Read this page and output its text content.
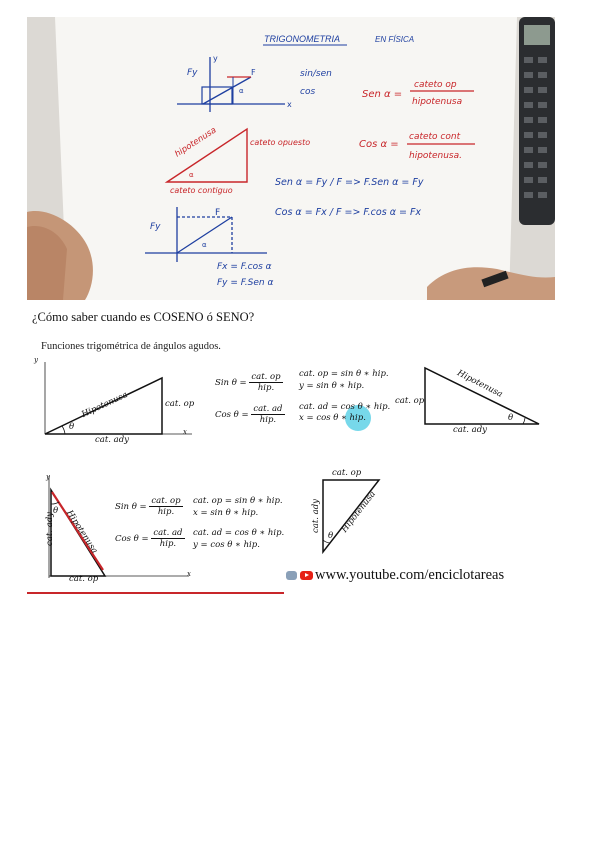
TRIGONOMETRIA	EN FÍSICA
Fy
y
F
x
α
sin/sen
cos	Sen α =
cateto op
hipotenusa
hipotenusa	cateto opuesto
cateto contiguo
α
Cos α =
cateto cont
hipotenusa.
Sen α = Fy / F => F.Sen α = Fy
Cos α = Fx / F => F.cos α = Fx
Fy
F
α
Fx = F.cos α
Fy = F.Sen α
¿Cómo saber cuando es COSENO ó SENO?
Funciones trigométrica de ángulos agudos.
y
x
Hipotenusa	cat. op
cat. ady
θ
Sin $\theta = \frac{\text{cat. op}}{\text{hip.}}$
Cos $\theta = \frac{\text{cat. ad}}{\text{hip.}}$
cat. op = sin θ ∗ hip.
y = sin θ ∗ hip.
cat. ad = cos θ ∗ hip.
x = cos θ ∗ hip.
cat. op
Hipotenusa
cat. ady
θ
cat. ady Hipotenusa
cat. op
θ
x
y
Sin $\theta = \frac{\text{cat. op}}{\text{hip.}}$
Cos $\theta = \frac{\text{cat. ad}}{\text{hip.}}$
cat. op = sin θ ∗ hip.
x = sin θ ∗ hip.
cat. ad = cos θ ∗ hip.
y = cos θ ∗ hip.
cat. op
cat. ady Hipotenusa
θ
www.youtube.com/enciclotareas
